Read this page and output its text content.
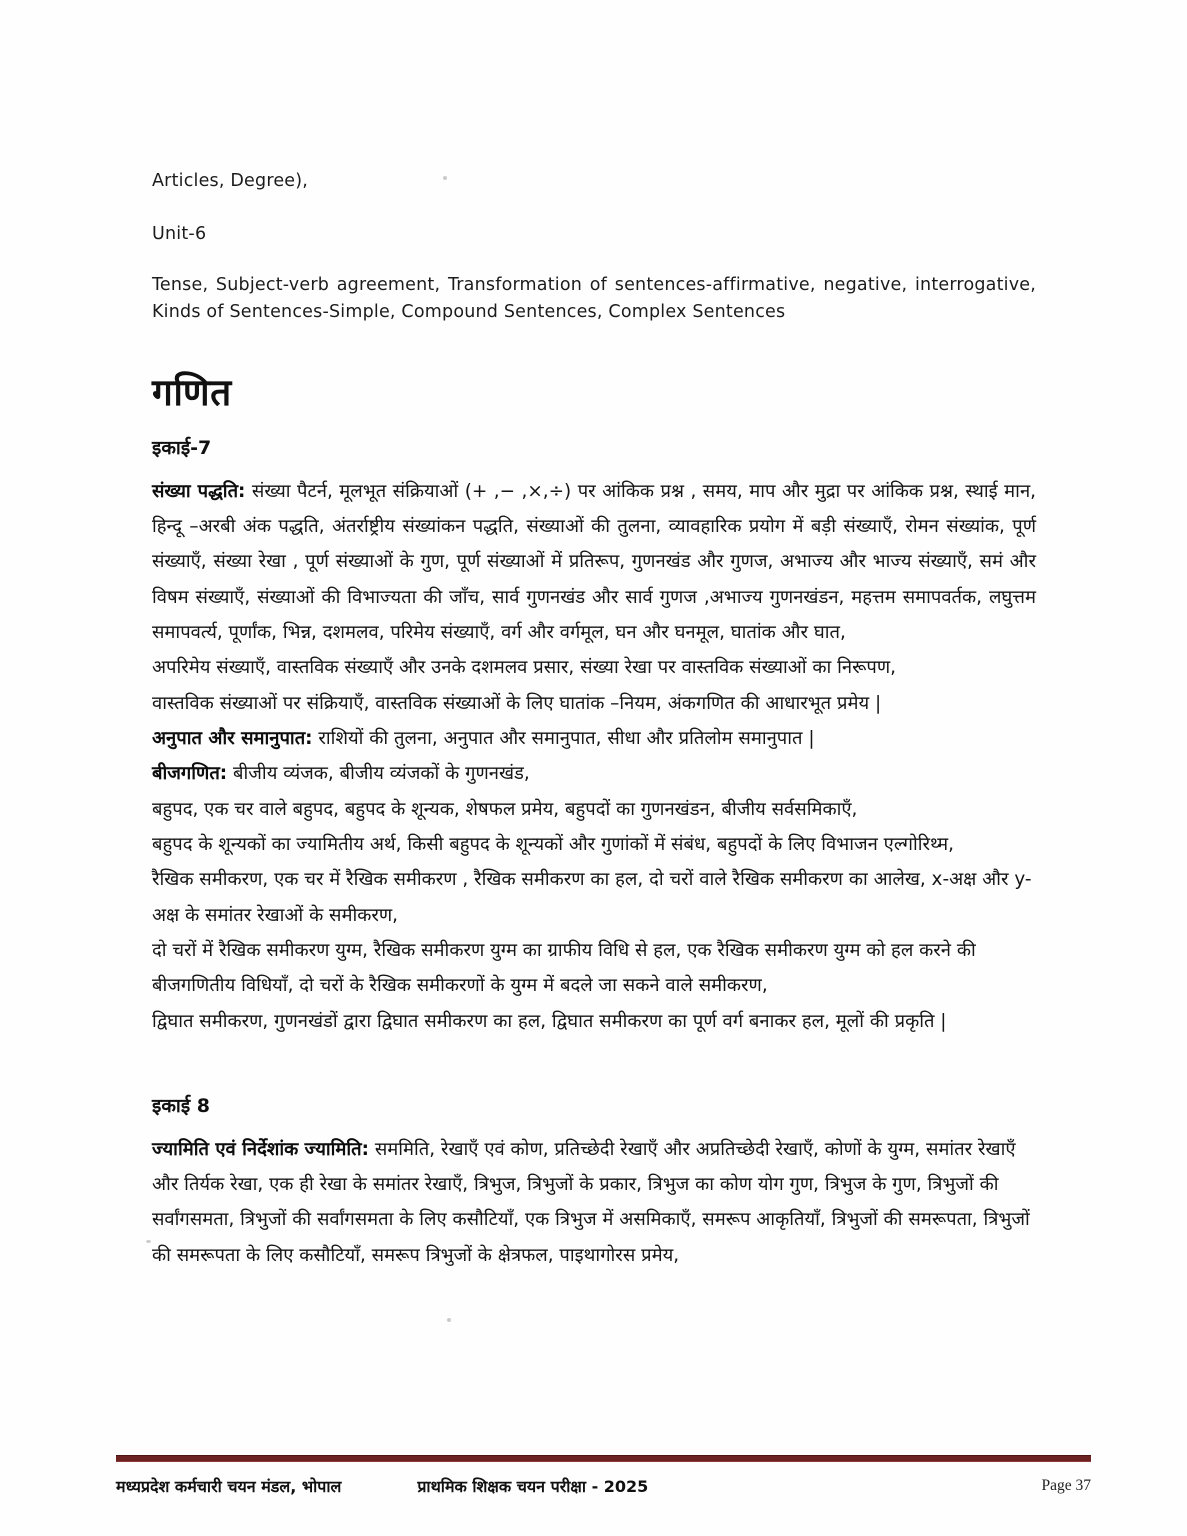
Articles, Degree),

Unit-6

Tense, Subject-verb agreement, Transformation of sentences-affirmative, negative, interrogative, Kinds of Sentences-Simple, Compound Sentences, Complex Sentences

गणित

इकाई-7

संख्या पद्धति: संख्या पैटर्न, मूलभूत संक्रियाओं (+ ,− ,×,÷) पर आंकिक प्रश्न , समय, माप और मुद्रा पर आंकिक प्रश्न, स्थाई मान, हिन्दू –अरबी अंक पद्धति, अंतर्राष्ट्रीय संख्यांकन पद्धति, संख्याओं की तुलना, व्यावहारिक प्रयोग में बड़ी संख्याएँ, रोमन संख्यांक, पूर्ण संख्याएँ, संख्या रेखा , पूर्ण संख्याओं के गुण, पूर्ण संख्याओं में प्रतिरूप, गुणनखंड और गुणज, अभाज्य और भाज्य संख्याएँ, समं और विषम संख्याएँ, संख्याओं की विभाज्यता की जाँच, सार्व गुणनखंड और सार्व गुणज ,अभाज्य गुणनखंडन, महत्तम समापवर्तक, लघुत्तम समापवर्त्य, पूर्णांक, भिन्न, दशमलव, परिमेय संख्याएँ, वर्ग और वर्गमूल, घन और घनमूल, घातांक और घात,

अपरिमेय संख्याएँ, वास्तविक संख्याएँ और उनके दशमलव प्रसार, संख्या रेखा पर वास्तविक संख्याओं का निरूपण,

वास्तविक संख्याओं पर संक्रियाएँ, वास्तविक संख्याओं के लिए घातांक –नियम, अंकगणित की आधारभूत प्रमेय |

अनुपात और समानुपात: राशियों की तुलना, अनुपात और समानुपात, सीधा और प्रतिलोम समानुपात |

बीजगणित: बीजीय व्यंजक, बीजीय व्यंजकों के गुणनखंड,

बहुपद, एक चर वाले बहुपद, बहुपद के शून्यक, शेषफल प्रमेय, बहुपदों का गुणनखंडन, बीजीय सर्वसमिकाएँ,

बहुपद के शून्यकों का ज्यामितीय अर्थ, किसी बहुपद के शून्यकों और गुणांकों में संबंध, बहुपदों के लिए विभाजन एल्गोरिथ्म,

रैखिक समीकरण, एक चर में रैखिक समीकरण , रैखिक समीकरण का हल, दो चरों वाले रैखिक समीकरण का आलेख, x-अक्ष और y-अक्ष के समांतर रेखाओं के समीकरण,

दो चरों में रैखिक समीकरण युग्म, रैखिक समीकरण युग्म का ग्राफीय विधि से हल, एक रैखिक समीकरण युग्म को हल करने की बीजगणितीय विधियाँ, दो चरों के रैखिक समीकरणों के युग्म में बदले जा सकने वाले समीकरण,

द्विघात समीकरण, गुणनखंडों द्वारा द्विघात समीकरण का हल, द्विघात समीकरण का पूर्ण वर्ग बनाकर हल, मूलों की प्रकृति |

इकाई 8

ज्यामिति एवं निर्देशांक ज्यामिति: सममिति, रेखाएँ एवं कोण, प्रतिच्छेदी रेखाएँ और अप्रतिच्छेदी रेखाएँ, कोणों के युग्म, समांतर रेखाएँ और तिर्यक रेखा, एक ही रेखा के समांतर रेखाएँ, त्रिभुज, त्रिभुजों के प्रकार, त्रिभुज का कोण योग गुण, त्रिभुज के गुण, त्रिभुजों की सर्वांगसमता, त्रिभुजों की सर्वांगसमता के लिए कसौटियाँ, एक त्रिभुज में असमिकाएँ, समरूप आकृतियाँ, त्रिभुजों की समरूपता, त्रिभुजों की समरूपता के लिए कसौटियाँ, समरूप त्रिभुजों के क्षेत्रफल, पाइथागोरस प्रमेय,

मध्यप्रदेश कर्मचारी चयन मंडल, भोपाल	प्राथमिक शिक्षक चयन परीक्षा - 2025	Page 37
